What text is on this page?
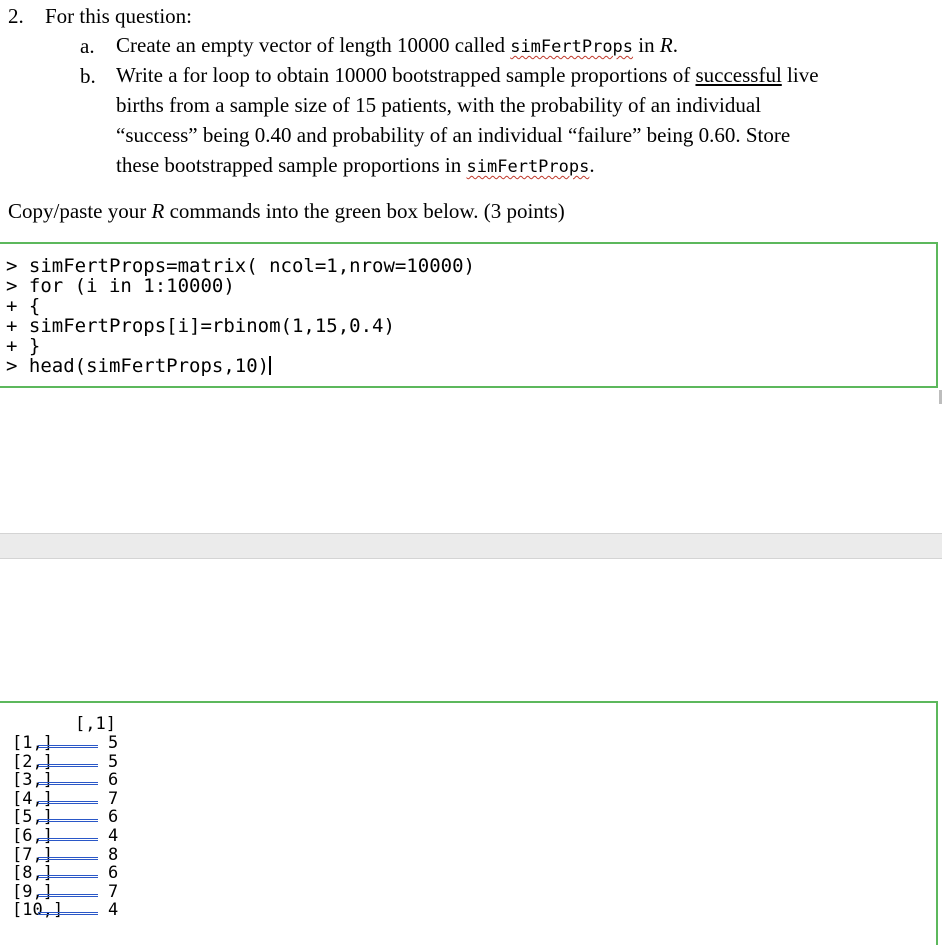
2. For this question:
a. Create an empty vector of length 10000 called simFertProps in R.
b. Write a for loop to obtain 10000 bootstrapped sample proportions of successful live
births from a sample size of 15 patients, with the probability of an individual
“success” being 0.40 and probability of an individual “failure” being 0.60. Store
these bootstrapped sample proportions in simFertProps.
Copy/paste your R commands into the green box below. (3 points)
> simFertProps=matrix( ncol=1,nrow=10000)
> for (i in 1:10000)
+ {
+ simFertProps[i]=rbinom(1,15,0.4)
+ }
> head(simFertProps,10)
[,1]
[1,]	5
[2,]	5
[3,]	6
[4,]	7
[5,]	6
[6,]	4
[7,]	8
[8,]	6
[9,]	7
[10,]	4
